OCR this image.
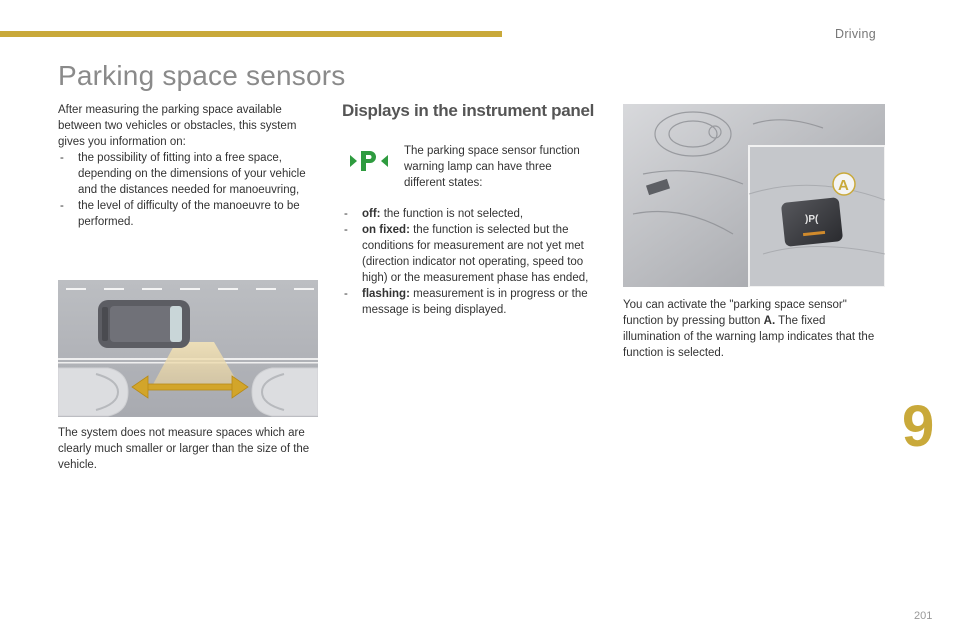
Driving
9
201
Parking space sensors

After measuring the parking space available between two vehicles or obstacles, this system gives you information on:

- the possibility of fitting into a free space, depending on the dimensions of your vehicle and the distances needed for manoeuvring,
- the level of difficulty of the manoeuvre to be performed.
The system does not measure spaces which are clearly much smaller or larger than the size of the vehicle.
Displays in the instrument panel
The parking space sensor function warning lamp can have three different states:
- off: the function is not selected,
- on fixed: the function is selected but the conditions for measurement are not yet met (direction indicator not operating, speed too high) or the measurement phase has ended,
- flashing: measurement is in progress or the message is being displayed.
)P(
A
You can activate the "parking space sensor" function by pressing button A. The fixed illumination of the warning lamp indicates that the function is selected.
